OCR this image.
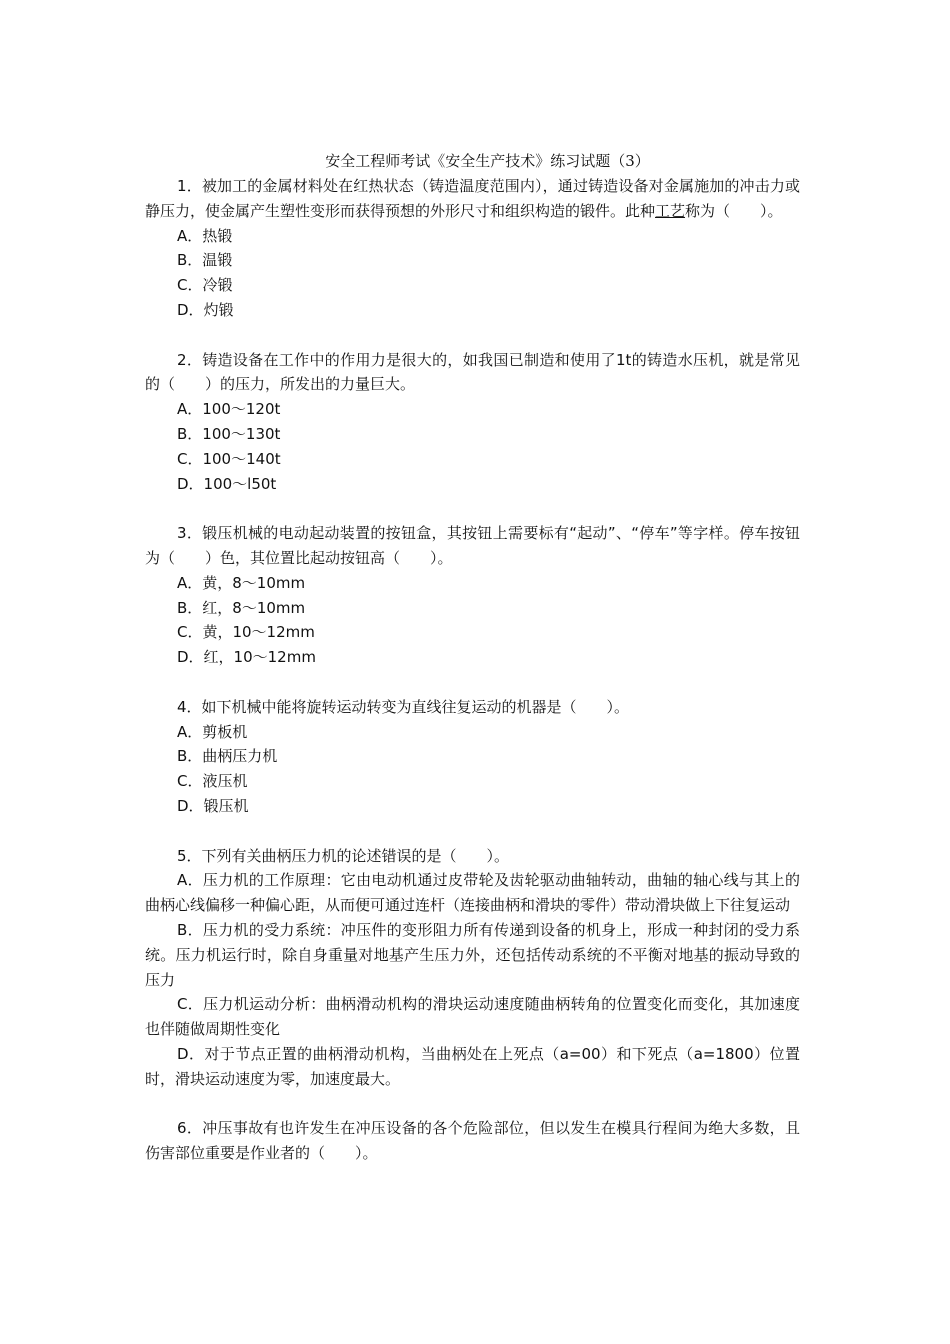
安全工程师考试《安全生产技术》练习试题（3）

1．被加工的金属材料处在红热状态（铸造温度范围内），通过铸造设备对金属施加的冲击力或静压力，使金属产生塑性变形而获得预想的外形尺寸和组织构造的锻件。此种工艺称为（　　）。

A．热锻

B．温锻

C．冷锻

D．灼锻

2．铸造设备在工作中的作用力是很大的，如我国已制造和使用了1t的铸造水压机，就是常见的（　　）的压力，所发出的力量巨大。

A．100～120t

B．100～130t

C．100～140t

D．100～l50t

3．锻压机械的电动起动装置的按钮盒，其按钮上需要标有“起动”、“停车”等字样。停车按钮为（　　）色，其位置比起动按钮高（　　）。

A．黄，8～10mm

B．红，8～10mm

C．黄，10～12mm

D．红，10～12mm

4．如下机械中能将旋转运动转变为直线往复运动的机器是（　　）。

A．剪板机

B．曲柄压力机

C．液压机

D．锻压机

5．下列有关曲柄压力机的论述错误的是（　　）。

A．压力机的工作原理：它由电动机通过皮带轮及齿轮驱动曲轴转动，曲轴的轴心线与其上的曲柄心线偏移一种偏心距，从而便可通过连杆（连接曲柄和滑块的零件）带动滑块做上下往复运动

B．压力机的受力系统：冲压件的变形阻力所有传递到设备的机身上，形成一种封闭的受力系统。压力机运行时，除自身重量对地基产生压力外，还包括传动系统的不平衡对地基的振动导致的压力

C．压力机运动分析：曲柄滑动机构的滑块运动速度随曲柄转角的位置变化而变化，其加速度也伴随做周期性变化

D．对于节点正置的曲柄滑动机构，当曲柄处在上死点（a=00）和下死点（a=1800）位置时，滑块运动速度为零，加速度最大。

6．冲压事故有也许发生在冲压设备的各个危险部位，但以发生在模具行程间为绝大多数，且伤害部位重要是作业者的（　　）。
